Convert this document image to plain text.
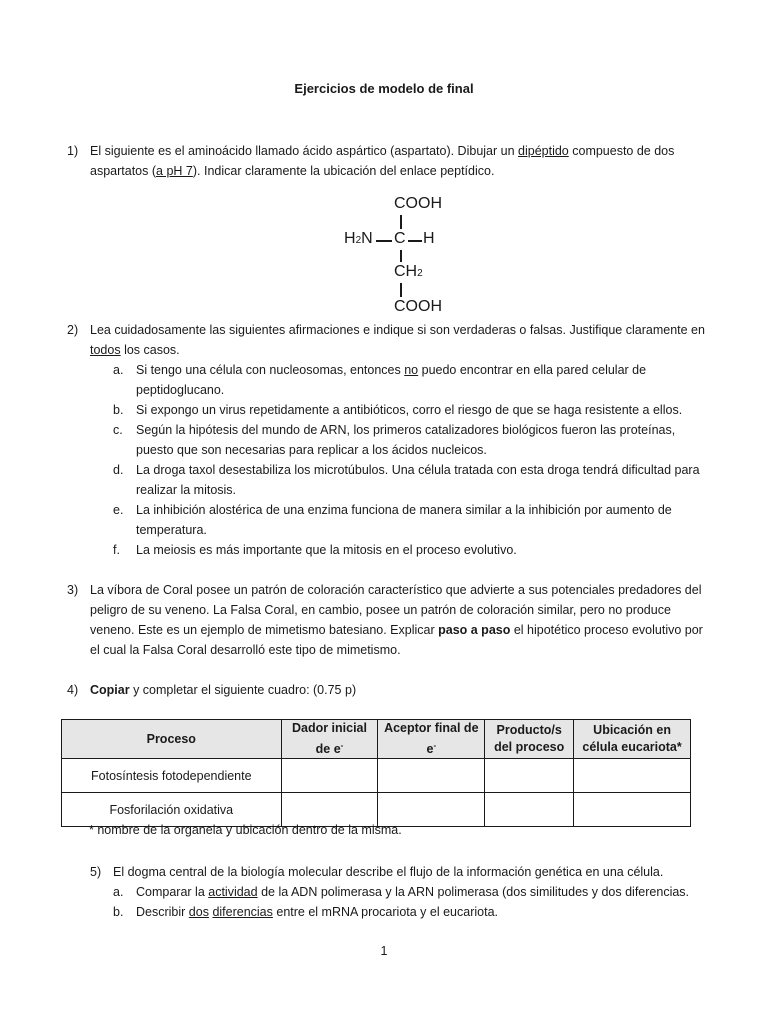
Ejercicios de modelo de final
1) El siguiente es el aminoácido llamado ácido aspártico (aspartato). Dibujar un dipéptido compuesto de dos aspartatos (a pH 7). Indicar claramente la ubicación del enlace peptídico.
COOH
H2N C H
CH2
COOH
2) Lea cuidadosamente las siguientes afirmaciones e indique si son verdaderas o falsas. Justifique claramente en todos los casos.
a. Si tengo una célula con nucleosomas, entonces no puedo encontrar en ella pared celular de peptidoglucano.
b. Si expongo un virus repetidamente a antibióticos, corro el riesgo de que se haga resistente a ellos.
c. Según la hipótesis del mundo de ARN, los primeros catalizadores biológicos fueron las proteínas, puesto que son necesarias para replicar a los ácidos nucleicos.
d. La droga taxol desestabiliza los microtúbulos. Una célula tratada con esta droga tendrá dificultad para realizar la mitosis.
e. La inhibición alostérica de una enzima funciona de manera similar a la inhibición por aumento de temperatura.
f. La meiosis es más importante que la mitosis en el proceso evolutivo.
3) La víbora de Coral posee un patrón de coloración característico que advierte a sus potenciales predadores del peligro de su veneno. La Falsa Coral, en cambio, posee un patrón de coloración similar, pero no produce veneno. Este es un ejemplo de mimetismo batesiano. Explicar paso a paso el hipotético proceso evolutivo por el cual la Falsa Coral desarrolló este tipo de mimetismo.
4) Copiar y completar el siguiente cuadro: (0.75 p)
Proceso	Dador inicial de e-	Aceptor final de e-	Producto/s del proceso	Ubicación en célula eucariota*
Fotosíntesis fotodependiente				
Fosforilación oxidativa				
* nombre de la organela y ubicación dentro de la misma.
5) El dogma central de la biología molecular describe el flujo de la información genética en una célula.
a. Comparar la actividad de la ADN polimerasa y la ARN polimerasa (dos similitudes y dos diferencias.
b. Describir dos diferencias entre el mRNA procariota y el eucariota.
1
